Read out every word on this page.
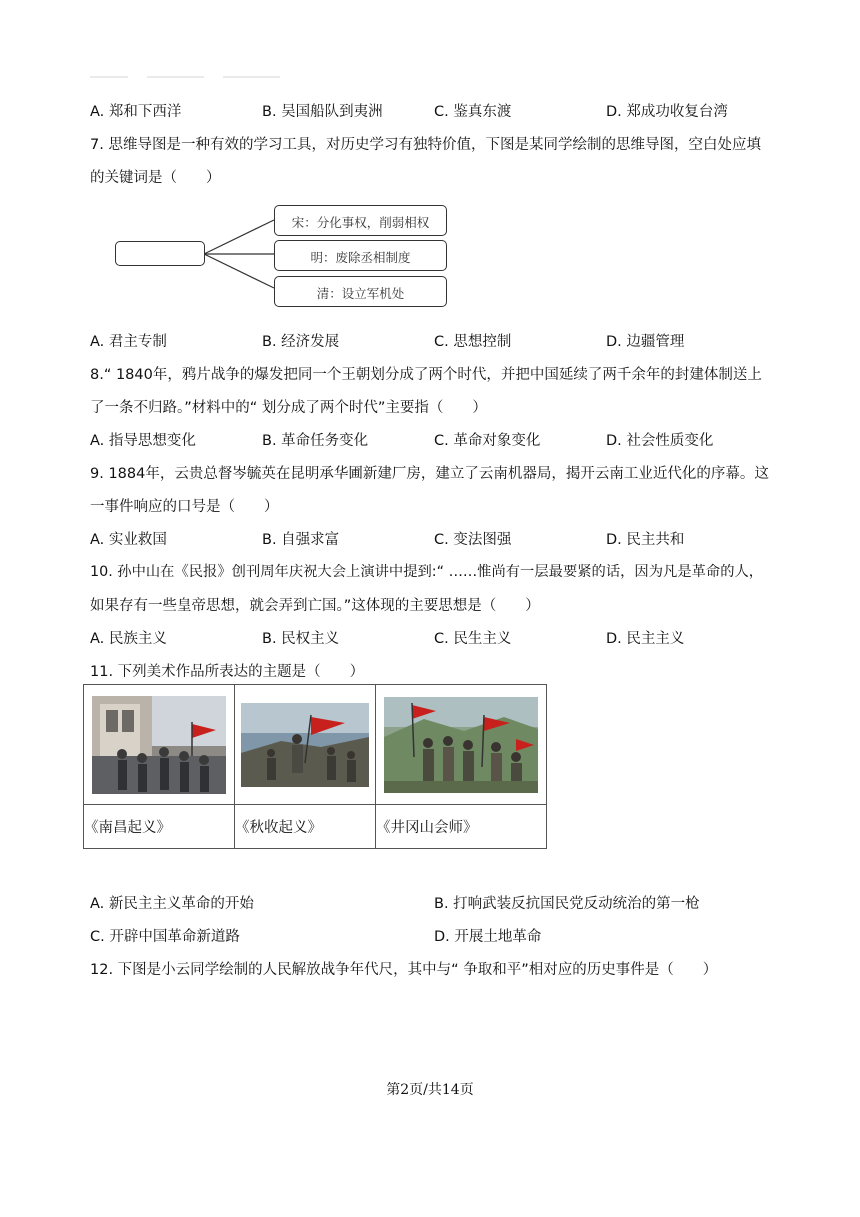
A. 郑和下西洋	B. 吴国船队到夷洲	C. 鉴真东渡	D. 郑成功收复台湾
7. 思维导图是一种有效的学习工具，对历史学习有独特价值，下图是某同学绘制的思维导图，空白处应填
的关键词是（　　）
宋：分化事权，削弱相权
明：废除丞相制度
清：设立军机处
A. 君主专制	B. 经济发展	C. 思想控制	D. 边疆管理
8.“ 1840年，鸦片战争的爆发把同一个王朝划分成了两个时代，并把中国延续了两千余年的封建体制送上
了一条不归路。”材料中的“ 划分成了两个时代”主要指（　　）
A. 指导思想变化	B. 革命任务变化	C. 革命对象变化	D. 社会性质变化
9. 1884年，云贵总督岑毓英在昆明承华圃新建厂房，建立了云南机器局，揭开云南工业近代化的序幕。这
一事件响应的口号是（　　）
A. 实业救国	B. 自强求富	C. 变法图强	D. 民主共和
10. 孙中山在《民报》创刊周年庆祝大会上演讲中提到:“ ……惟尚有一层最要紧的话，因为凡是革命的人，
如果存有一些皇帝思想，就会弄到亡国。”这体现的主要思想是（　　）
A. 民族主义	B. 民权主义	C. 民生主义	D. 民主主义
11. 下列美术作品所表达的主题是（　　）

《南昌起义》	《秋收起义》	《井冈山会师》
A. 新民主主义革命的开始	B. 打响武装反抗国民党反动统治的第一枪
C. 开辟中国革命新道路	D. 开展土地革命
12. 下图是小云同学绘制的人民解放战争年代尺，其中与“ 争取和平”相对应的历史事件是（　　）
第2页/共14页
